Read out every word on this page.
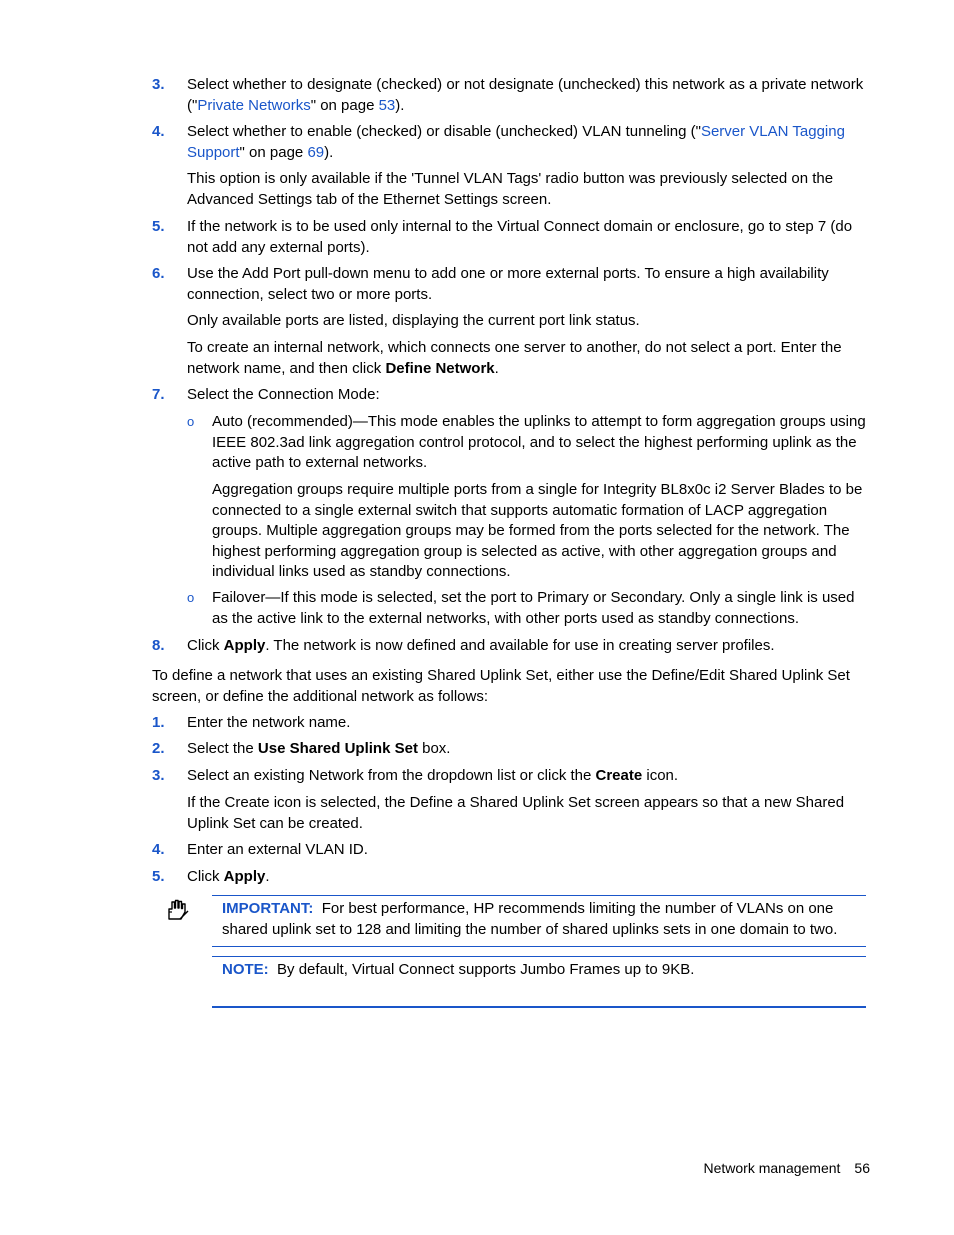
3. Select whether to designate (checked) or not designate (unchecked) this network as a private network ("Private Networks" on page 53).
4. Select whether to enable (checked) or disable (unchecked) VLAN tunneling ("Server VLAN Tagging Support" on page 69).
This option is only available if the 'Tunnel VLAN Tags' radio button was previously selected on the Advanced Settings tab of the Ethernet Settings screen.
5. If the network is to be used only internal to the Virtual Connect domain or enclosure, go to step 7 (do not add any external ports).
6. Use the Add Port pull-down menu to add one or more external ports. To ensure a high availability connection, select two or more ports.
Only available ports are listed, displaying the current port link status.
To create an internal network, which connects one server to another, do not select a port. Enter the network name, and then click Define Network.
7. Select the Connection Mode:
o Auto (recommended)—This mode enables the uplinks to attempt to form aggregation groups using IEEE 802.3ad link aggregation control protocol, and to select the highest performing uplink as the active path to external networks.
Aggregation groups require multiple ports from a single for Integrity BL8x0c i2 Server Blades to be connected to a single external switch that supports automatic formation of LACP aggregation groups. Multiple aggregation groups may be formed from the ports selected for the network. The highest performing aggregation group is selected as active, with other aggregation groups and individual links used as standby connections.
o Failover—If this mode is selected, set the port to Primary or Secondary. Only a single link is used as the active link to the external networks, with other ports used as standby connections.
8. Click Apply. The network is now defined and available for use in creating server profiles.
To define a network that uses an existing Shared Uplink Set, either use the Define/Edit Shared Uplink Set screen, or define the additional network as follows:
1. Enter the network name.
2. Select the Use Shared Uplink Set box.
3. Select an existing Network from the dropdown list or click the Create icon.
If the Create icon is selected, the Define a Shared Uplink Set screen appears so that a new Shared Uplink Set can be created.
4. Enter an external VLAN ID.
5. Click Apply.
IMPORTANT: For best performance, HP recommends limiting the number of VLANs on one shared uplink set to 128 and limiting the number of shared uplinks sets in one domain to two.
NOTE: By default, Virtual Connect supports Jumbo Frames up to 9KB.
Network management 56
